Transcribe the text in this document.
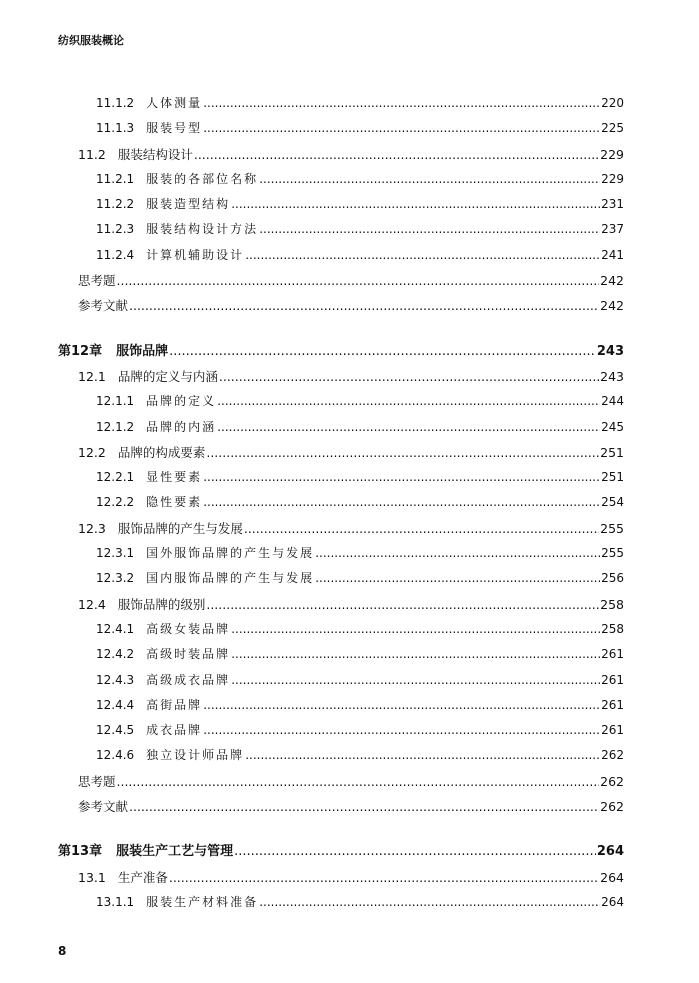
纺织服装概论
11.1.2 人体测量 .....	220
11.1.3 服装号型 .....	225
11.2 服装结构设计 .....	229
11.2.1 服装的各部位名称 .....	229
11.2.2 服装造型结构 .....	231
11.2.3 服装结构设计方法 .....	237
11.2.4 计算机辅助设计 .....	241
思考题 .....	242
参考文献 .....	242
第12章 服饰品牌 .....	243
12.1 品牌的定义与内涵 .....	243
12.1.1 品牌的定义 .....	244
12.1.2 品牌的内涵 .....	245
12.2 品牌的构成要素 .....	251
12.2.1 显性要素 .....	251
12.2.2 隐性要素 .....	254
12.3 服饰品牌的产生与发展 .....	255
12.3.1 国外服饰品牌的产生与发展 .....	255
12.3.2 国内服饰品牌的产生与发展 .....	256
12.4 服饰品牌的级别 .....	258
12.4.1 高级女装品牌 .....	258
12.4.2 高级时装品牌 .....	261
12.4.3 高级成衣品牌 .....	261
12.4.4 高街品牌 .....	261
12.4.5 成衣品牌 .....	261
12.4.6 独立设计师品牌 .....	262
思考题 .....	262
参考文献 .....	262
第13章 服装生产工艺与管理 .....	264
13.1 生产准备 .....	264
13.1.1 服装生产材料准备 .....	264
8
